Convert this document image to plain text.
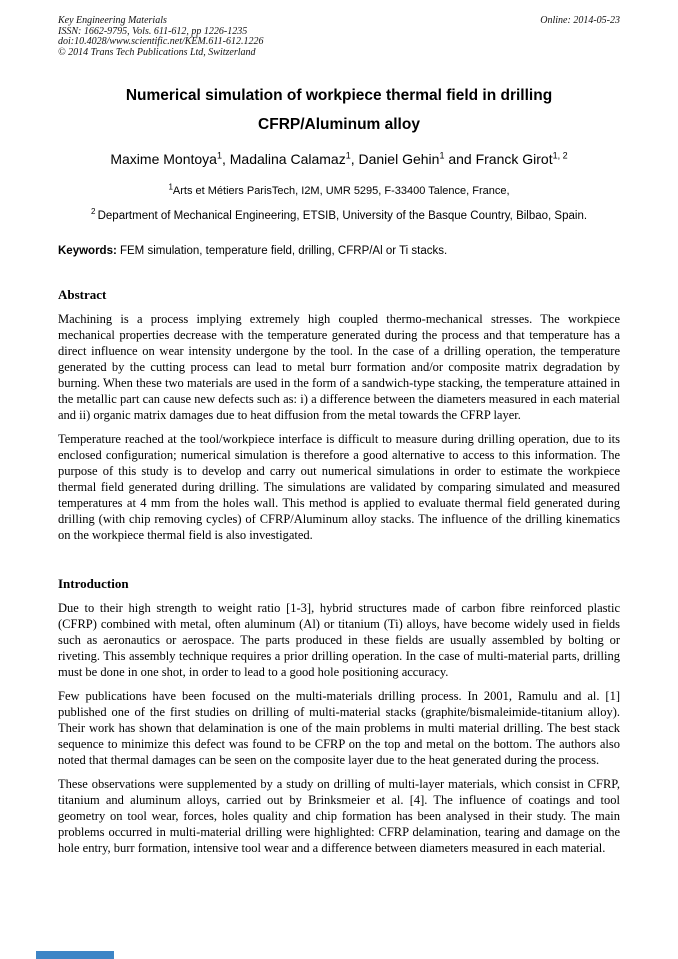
Key Engineering Materials	Online: 2014-05-23
ISSN: 1662-9795, Vols. 611-612, pp 1226-1235
doi:10.4028/www.scientific.net/KEM.611-612.1226
© 2014 Trans Tech Publications Ltd, Switzerland
Numerical simulation of workpiece thermal field in drilling
CFRP/Aluminum alloy

Maxime Montoya$^1$, Madalina Calamaz$^1$, Daniel Gehin$^1$ and Franck Girot$^{1, 2}$

$^1$Arts et Métiers ParisTech, I2M, UMR 5295, F-33400 Talence, France,

$^2$ Department of Mechanical Engineering, ETSIB, University of the Basque Country, Bilbao, Spain.

Keywords: FEM simulation, temperature field, drilling, CFRP/Al or Ti stacks.

Abstract

Machining is a process implying extremely high coupled thermo-mechanical stresses. The workpiece mechanical properties decrease with the temperature generated during the process and that temperature has a direct influence on wear intensity undergone by the tool. In the case of a drilling operation, the temperature generated by the cutting process can lead to metal burr formation and/or composite matrix degradation by burning. When these two materials are used in the form of a sandwich-type stacking, the temperature attained in the metallic part can cause new defects such as: i) a difference between the diameters measured in each material and ii) organic matrix damages due to heat diffusion from the metal towards the CFRP layer.

Temperature reached at the tool/workpiece interface is difficult to measure during drilling operation, due to its enclosed configuration; numerical simulation is therefore a good alternative to access to this information. The purpose of this study is to develop and carry out numerical simulations in order to estimate the workpiece thermal field generated during drilling. The simulations are validated by comparing simulated and measured temperatures at 4 mm from the holes wall. This method is applied to evaluate thermal field generated during drilling (with chip removing cycles) of CFRP/Aluminum alloy stacks. The influence of the drilling kinematics on the workpiece thermal field is also investigated.

Introduction

Due to their high strength to weight ratio [1-3], hybrid structures made of carbon fibre reinforced plastic (CFRP) combined with metal, often aluminum (Al) or titanium (Ti) alloys, have become widely used in fields such as aeronautics or aerospace. The parts produced in these fields are usually assembled by bolting or riveting. This assembly technique requires a prior drilling operation. In the case of multi-material parts, drilling must be done in one shot, in order to lead to a good hole positioning accuracy.

Few publications have been focused on the multi-materials drilling process. In 2001, Ramulu and al. [1] published one of the first studies on drilling of multi-material stacks (graphite/bismaleimide-titanium alloy). Their work has shown that delamination is one of the main problems in multi material drilling. The best stack sequence to minimize this defect was found to be CFRP on the top and metal on the bottom. The authors also noted that thermal damages can be seen on the composite layer due to the heat generated during the process.

These observations were supplemented by a study on drilling of multi-layer materials, which consist in CFRP, titanium and aluminum alloys, carried out by Brinksmeier et al. [4]. The influence of coatings and tool geometry on tool wear, forces, holes quality and chip formation has been analysed in their study. The main problems occurred in multi-material drilling were highlighted: CFRP delamination, tearing and damage on the hole entry, burr formation, intensive tool wear and a difference between diameters measured in each material.
